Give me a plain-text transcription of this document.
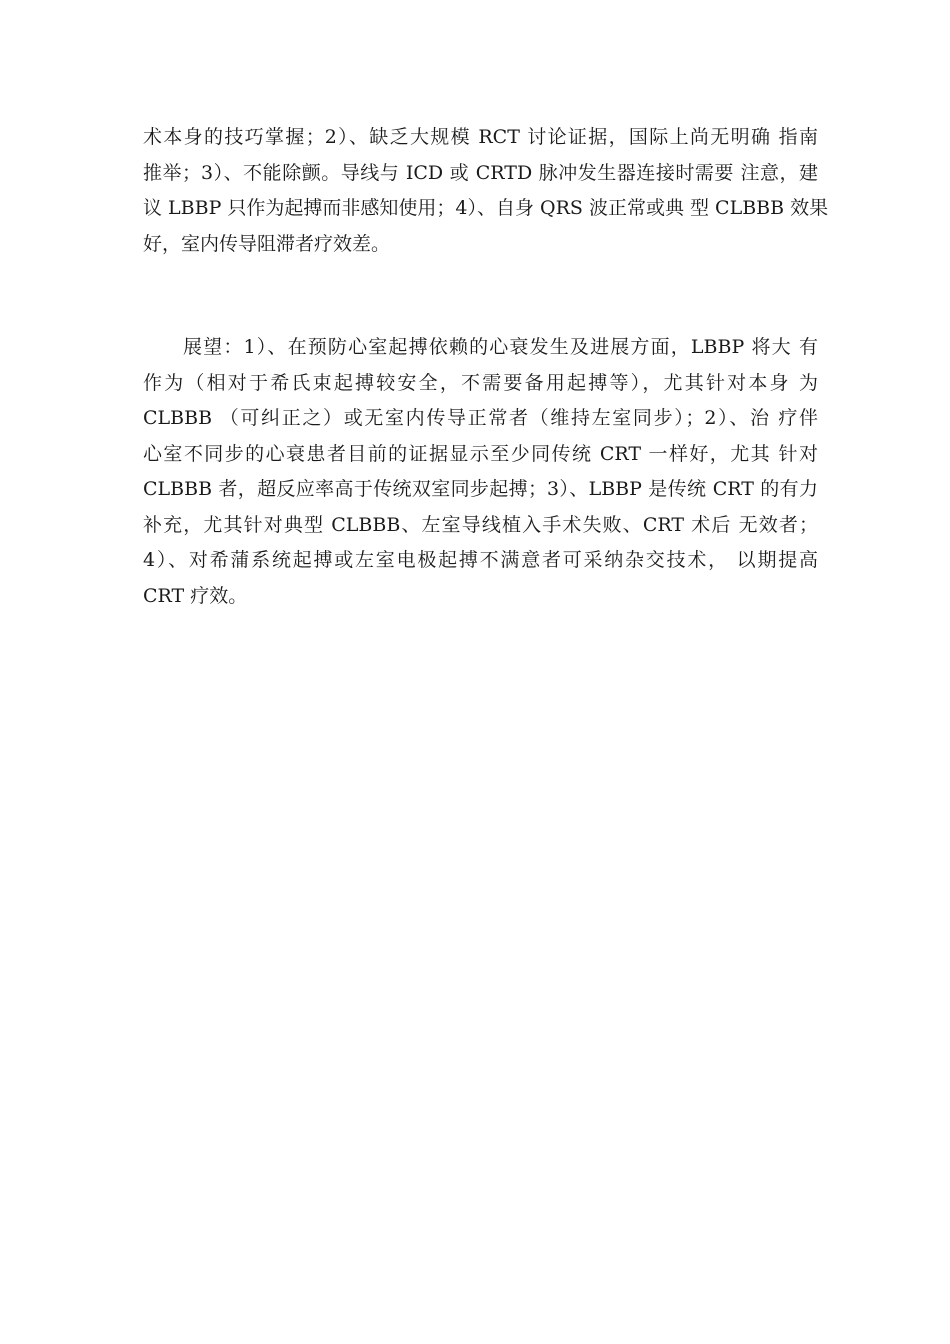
术本身的技巧掌握；2）、缺乏大规模 RCT 讨论证据，国际上尚无明确 指南
推举；3）、不能除颤。导线与 ICD 或 CRTD 脉冲发生器连接时需要 注意，建
议 LBBP 只作为起搏而非感知使用；4）、自身 QRS 波正常或典 型 CLBBB 效果
好，室内传导阻滞者疗效差。
展望：1）、在预防心室起搏依赖的心衰发生及进展方面，LBBP 将大 有
作为（相对于希氏束起搏较安全，不需要备用起搏等），尤其针对本身 为
CLBBB （可纠正之）或无室内传导正常者（维持左室同步）；2）、治 疗伴
心室不同步的心衰患者目前的证据显示至少同传统 CRT 一样好，尤其 针对
CLBBB 者，超反应率高于传统双室同步起搏；3）、LBBP 是传统 CRT 的有力
补充，尤其针对典型 CLBBB、左室导线植入手术失败、CRT 术后 无效者；
4）、对希蒲系统起搏或左室电极起搏不满意者可采纳杂交技术， 以期提高
CRT 疗效。
